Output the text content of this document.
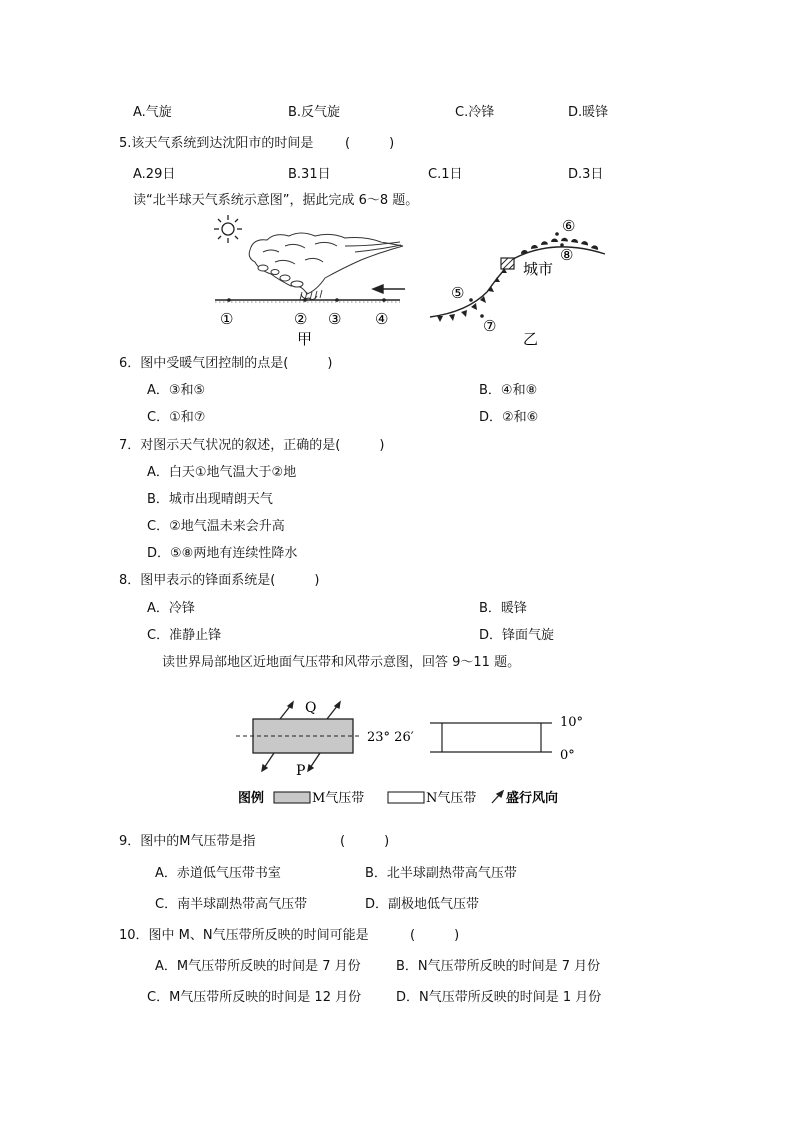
A.气旋	B.反气旋	C.冷锋	D.暖锋
5.该天气系统到达沈阳市的时间是 (　　　)
A.29日	B.31日	C.1日	D.3日
读“北半球天气系统示意图”，据此完成 6～8 题。
①	② ③ ④
甲
城市
⑥
⑧
⑤
⑦
乙
6．图中受暖气团控制的点是(　　　)
A．③和⑤	B．④和⑧
C．①和⑦	D．②和⑥
7．对图示天气状况的叙述，正确的是(　　　)
A．白天①地气温大于②地
B．城市出现晴朗天气
C．②地气温未来会升高
D．⑤⑧两地有连续性降水
8．图甲表示的锋面系统是(　　　)
A．冷锋	B．暖锋
C．准静止锋	D．锋面气旋
读世界局部地区近地面气压带和风带示意图，回答 9～11 题。
23° 26′
Q
P
10°
0°
图例	M气压带	N气压带 盛行风向
9．图中的M气压带是指	(　　　)
A．赤道低气压带书室	B．北半球副热带高气压带
C．南半球副热带高气压带	D．副极地低气压带
10．图中 M、N气压带所反映的时间可能是	(　　　)
A．M气压带所反映的时间是 7 月份	B．N气压带所反映的时间是 7 月份
C．M气压带所反映的时间是 12 月份	D．N气压带所反映的时间是 1 月份
